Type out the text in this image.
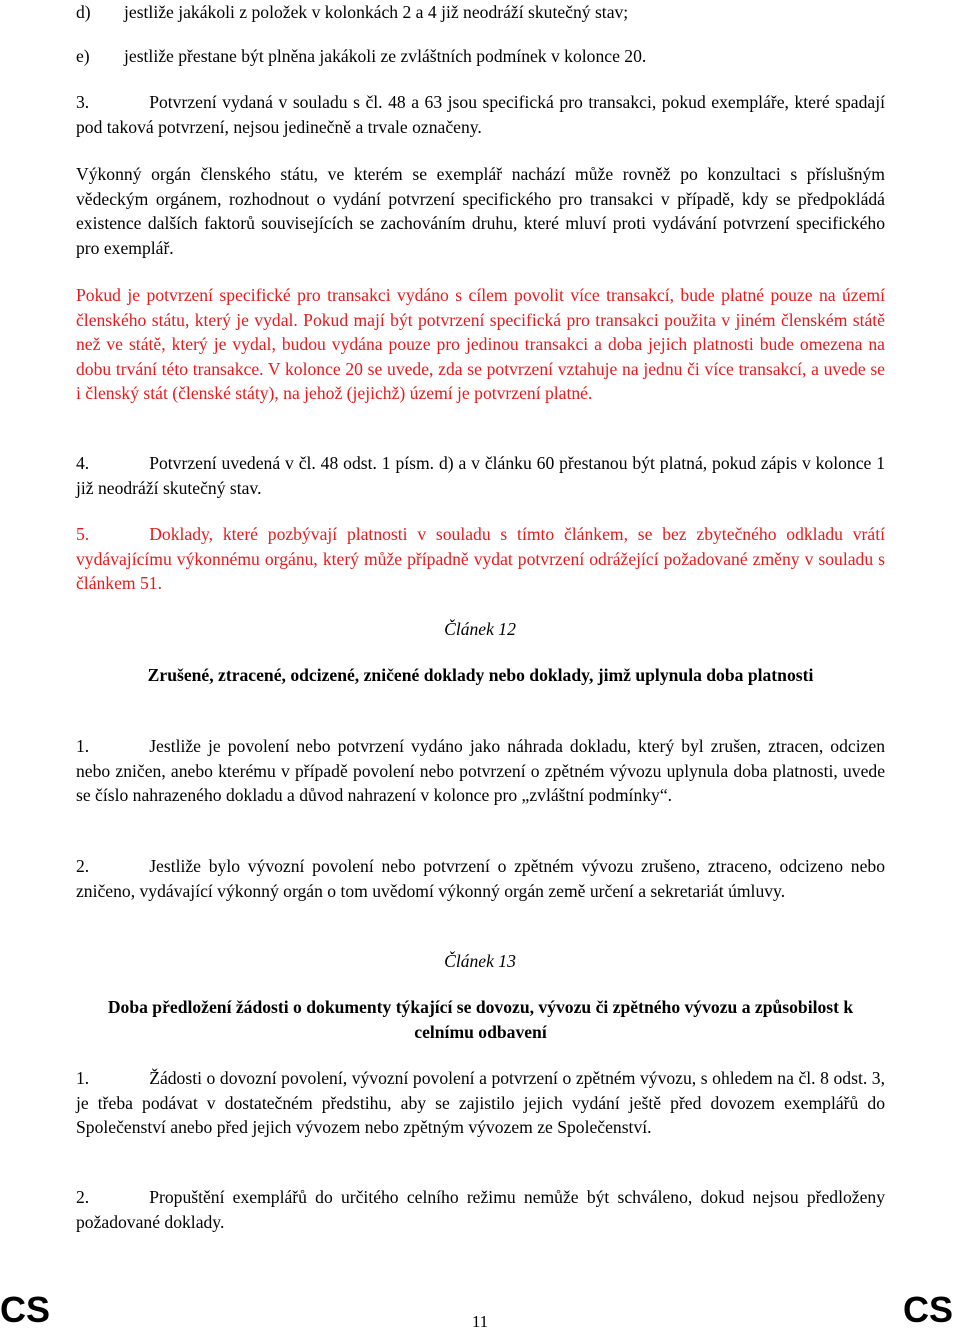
d) jestliže jakákoli z položek v kolonkách 2 a 4 již neodráží skutečný stav;
e) jestliže přestane být plněna jakákoli ze zvláštních podmínek v kolonce 20.

3.	Potvrzení vydaná v souladu s čl. 48 a 63 jsou specifická pro transakci, pokud exempláře, které spadají pod taková potvrzení, nejsou jedinečně a trvale označeny.

Výkonný orgán členského státu, ve kterém se exemplář nachází může rovněž po konzultaci s příslušným vědeckým orgánem, rozhodnout o vydání potvrzení specifického pro transakci v případě, kdy se předpokládá existence dalších faktorů souvisejících se zachováním druhu, které mluví proti vydávání potvrzení specifického pro exemplář.

Pokud je potvrzení specifické pro transakci vydáno s cílem povolit více transakcí, bude platné pouze na území členského státu, který je vydal. Pokud mají být potvrzení specifická pro transakci použita v jiném členském státě než ve státě, který je vydal, budou vydána pouze pro jedinou transakci a doba jejich platnosti bude omezena na dobu trvání této transakce. V kolonce 20 se uvede, zda se potvrzení vztahuje na jednu či více transakcí, a uvede se i členský stát (členské státy), na jehož (jejichž) území je potvrzení platné.

4.	Potvrzení uvedená v čl. 48 odst. 1 písm. d) a v článku 60 přestanou být platná, pokud zápis v kolonce 1 již neodráží skutečný stav.

5.	Doklady, které pozbývají platnosti v souladu s tímto článkem, se bez zbytečného odkladu vrátí vydávajícímu výkonnému orgánu, který může případně vydat potvrzení odrážející požadované změny v souladu s článkem 51.

Článek 12
Zrušené, ztracené, odcizené, zničené doklady nebo doklady, jimž uplynula doba platnosti

1.	Jestliže je povolení nebo potvrzení vydáno jako náhrada dokladu, který byl zrušen, ztracen, odcizen nebo zničen, anebo kterému v případě povolení nebo potvrzení o zpětném vývozu uplynula doba platnosti, uvede se číslo nahrazeného dokladu a důvod nahrazení v kolonce pro „zvláštní podmínky“.

2.	Jestliže bylo vývozní povolení nebo potvrzení o zpětném vývozu zrušeno, ztraceno, odcizeno nebo zničeno, vydávající výkonný orgán o tom uvědomí výkonný orgán země určení a sekretariát úmluvy.

Článek 13
Doba předložení žádosti o dokumenty týkající se dovozu, vývozu či zpětného vývozu a způsobilost k celnímu odbavení

1.	Žádosti o dovozní povolení, vývozní povolení a potvrzení o zpětném vývozu, s ohledem na čl. 8 odst. 3, je třeba podávat v dostatečném předstihu, aby se zajistilo jejich vydání ještě před dovozem exemplářů do Společenství anebo před jejich vývozem nebo zpětným vývozem ze Společenství.

2.	Propuštění exemplářů do určitého celního režimu nemůže být schváleno, dokud nejsou předloženy požadované doklady.

CS	11	CS
